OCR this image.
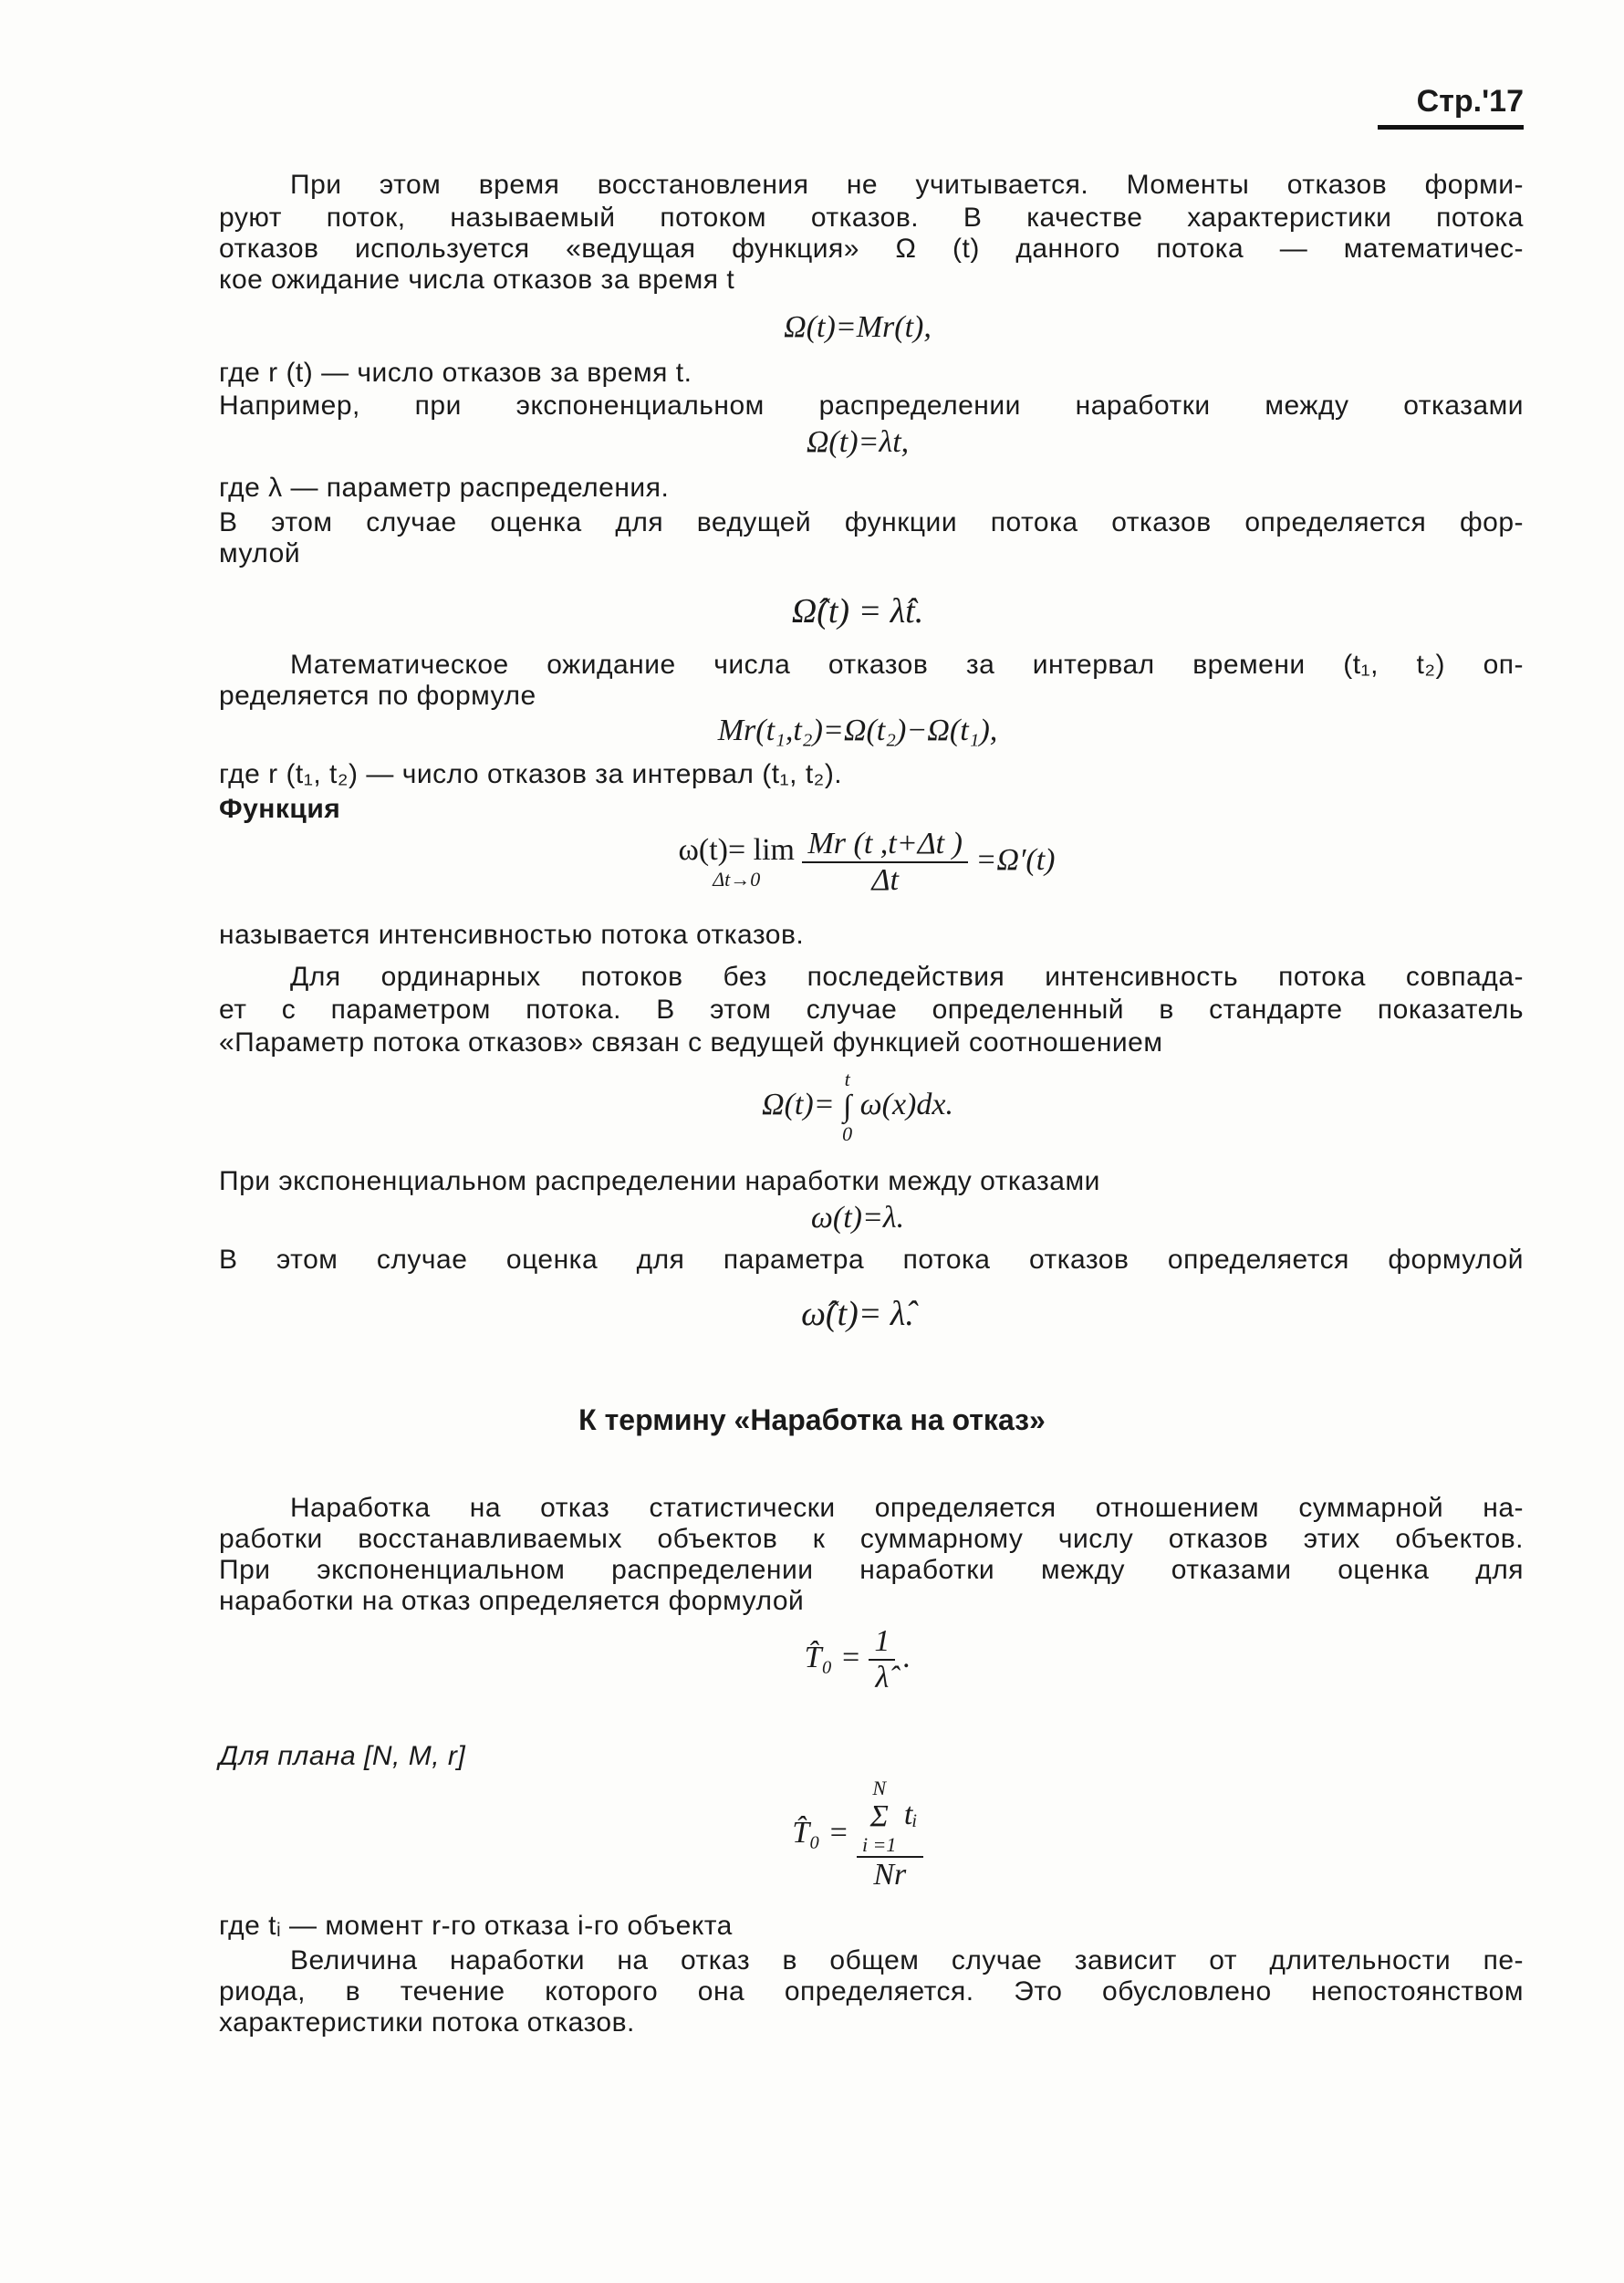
Стр.'17
При этом время восстановления не учитывается. Моменты отказов форми-
руют поток, называемый потоком отказов. В качестве характеристики потока
отказов используется «ведущая функция» Ω (t) данного потока — математичес-
кое ожидание числа отказов за время t
Ω(t)=Mr(t),
где r (t) — число отказов за время t.
Например, при экспоненциальном распределении наработки между отказами
Ω(t)=λt,
где λ — параметр распределения.
В этом случае оценка для ведущей функции потока отказов определяется фор-
мулой
Ω̂(t) = λ̂t.
Математическое ожидание числа отказов за интервал времени (t₁, t₂) оп-
ределяется по формуле
Mr(t₁,t₂)=Ω(t₂)−Ω(t₁),
где r (t₁, t₂) — число отказов за интервал (t₁, t₂).
Функция
ω(t)= lim
Δt→0
	$\frac{Mr (t ,t+\Delta t )}{\Delta t} =\Omega'(t)$
называется интенсивностью потока отказов.
Для ординарных потоков без последействия интенсивность потока совпада-
ет с параметром потока. В этом случае определенный в стандарте показатель
«Параметр потока отказов» связан с ведущей функцией соотношением
Ω(t)=
t
∫
0
ω(x)dx.
При экспоненциальном распределении наработки между отказами
ω(t)=λ.
В этом случае оценка для параметра потока отказов определяется формулой
ω̂(t)= λ̂.
К термину «Наработка на отказ»
Наработка на отказ статистически определяется отношением суммарной на-
работки восстанавливаемых объектов к суммарному числу отказов этих объектов.
При экспоненциальном распределении наработки между отказами оценка для
наработки на отказ определяется формулой
T̂₀ = $\frac{1}{\lambdâ}$ .
Для плана [N, M, r]
T̂₀ = N
Σ
i =1
tᵢ
Nr
где tᵢ — момент r-го отказа i-го объекта
Величина наработки на отказ в общем случае зависит от длительности пе-
риода, в течение которого она определяется. Это обусловлено непостоянством
характеристики потока отказов.
